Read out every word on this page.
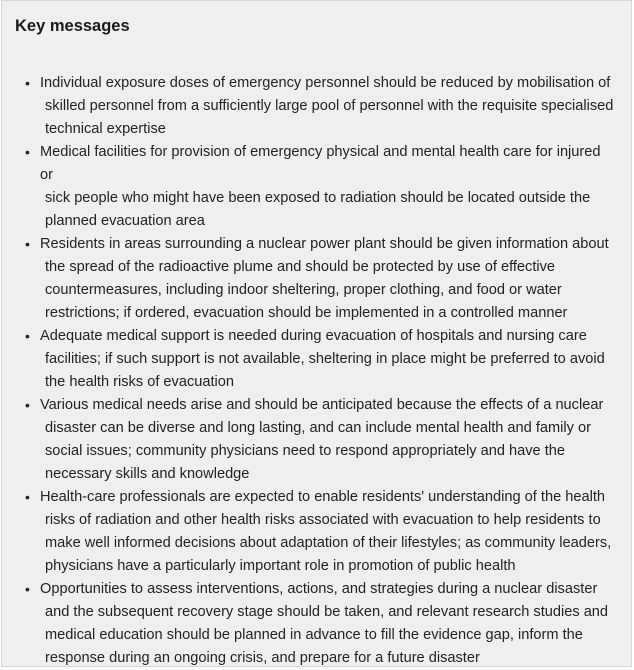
Key messages
• Individual exposure doses of emergency personnel should be reduced by mobilisation of
skilled personnel from a sufficiently large pool of personnel with the requisite specialised technical expertise
• Medical facilities for provision of emergency physical and mental health care for injured or
sick people who might have been exposed to radiation should be located outside the planned evacuation area
• Residents in areas surrounding a nuclear power plant should be given information about
the spread of the radioactive plume and should be protected by use of effective countermeasures, including indoor sheltering, proper clothing, and food or water restrictions; if ordered, evacuation should be implemented in a controlled manner
• Adequate medical support is needed during evacuation of hospitals and nursing care
facilities; if such support is not available, sheltering in place might be preferred to avoid the health risks of evacuation
• Various medical needs arise and should be anticipated because the effects of a nuclear
disaster can be diverse and long lasting, and can include mental health and family or social issues; community physicians need to respond appropriately and have the necessary skills and knowledge
• Health-care professionals are expected to enable residents' understanding of the health
risks of radiation and other health risks associated with evacuation to help residents to make well informed decisions about adaptation of their lifestyles; as community leaders, physicians have a particularly important role in promotion of public health
• Opportunities to assess interventions, actions, and strategies during a nuclear disaster
and the subsequent recovery stage should be taken, and relevant research studies and medical education should be planned in advance to fill the evidence gap, inform the response during an ongoing crisis, and prepare for a future disaster
